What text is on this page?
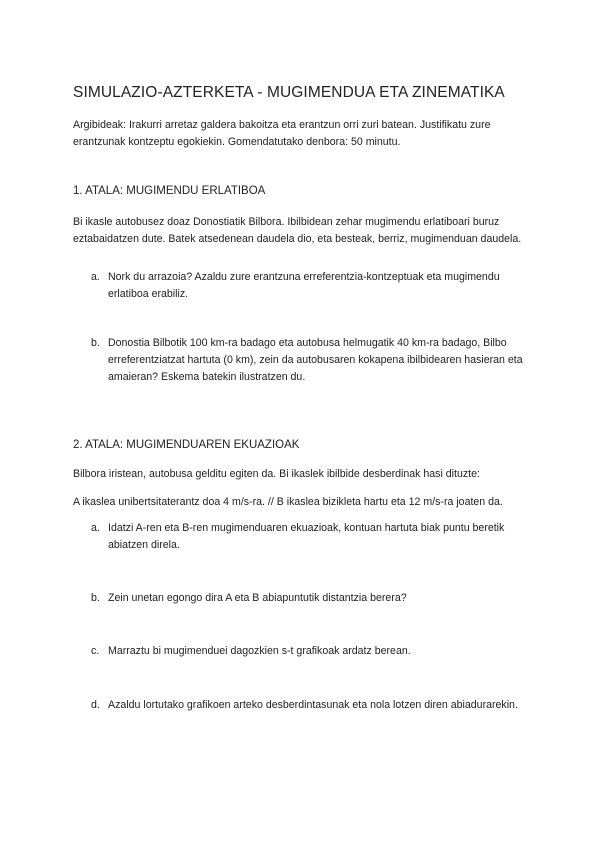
SIMULAZIO-AZTERKETA - MUGIMENDUA ETA ZINEMATIKA

Argibideak: Irakurri arretaz galdera bakoitza eta erantzun orri zuri batean. Justifikatu zure erantzunak kontzeptu egokiekin. Gomendatutako denbora: 50 minutu.

1. ATALA: MUGIMENDU ERLATIBOA

Bi ikasle autobusez doaz Donostiatik Bilbora. Ibilbidean zehar mugimendu erlatiboari buruz eztabaidatzen dute. Batek atsedenean daudela dio, eta besteak, berriz, mugimenduan daudela.

a. Nork du arrazoia? Azaldu zure erantzuna erreferentzia-kontzeptuak eta mugimendu erlatiboa erabiliz.
b. Donostia Bilbotik 100 km-ra badago eta autobusa helmugatik 40 km-ra badago, Bilbo erreferentziatzat hartuta (0 km), zein da autobusaren kokapena ibilbidearen hasieran eta amaieran? Eskema batekin ilustratzen du.
2. ATALA: MUGIMENDUAREN EKUAZIOAK

Bilbora iristean, autobusa gelditu egiten da. Bi ikaslek ibilbide desberdinak hasi dituzte:

A ikaslea unibertsitaterantz doa 4 m/s-ra. // B ikaslea bizikleta hartu eta 12 m/s-ra joaten da.

a. Idatzi A-ren eta B-ren mugimenduaren ekuazioak, kontuan hartuta biak puntu beretik abiatzen direla.
b. Zein unetan egongo dira A eta B abiapuntutik distantzia berera?
c. Marraztu bi mugimenduei dagozkien s-t grafikoak ardatz berean.
d. Azaldu lortutako grafikoen arteko desberdintasunak eta nola lotzen diren abiadurarekin.
